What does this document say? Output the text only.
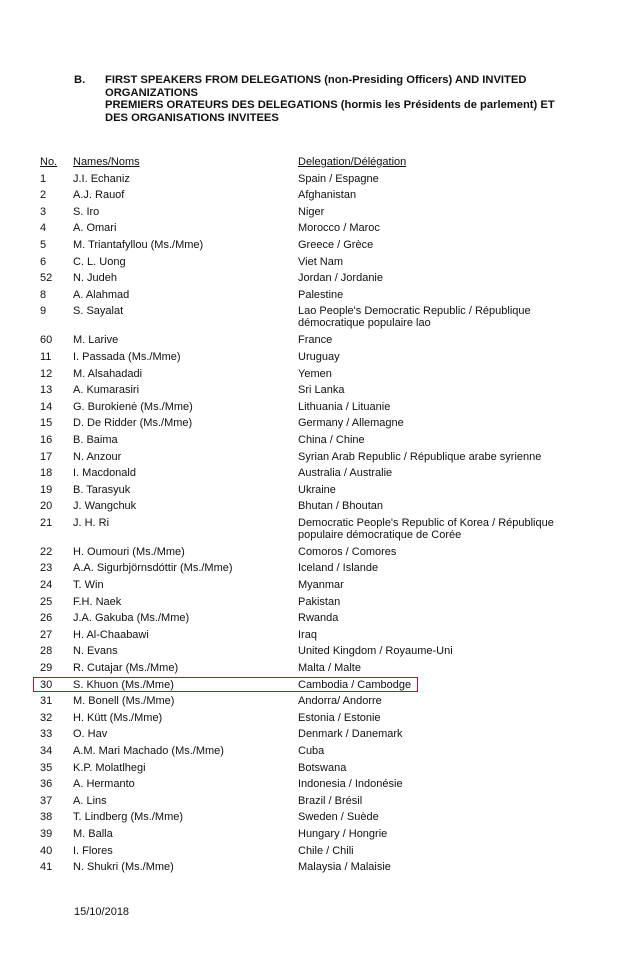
B. FIRST SPEAKERS FROM DELEGATIONS (non-Presiding Officers) AND INVITED
ORGANIZATIONS
PREMIERS ORATEURS DES DELEGATIONS (hormis les Présidents de parlement) ET
DES ORGANISATIONS INVITEES
No.	Names/Noms	Delegation/Délégation
1	J.I. Echaniz	Spain / Espagne
2	A.J. Rauof	Afghanistan
3	S. Iro	Niger
4	A. Omari	Morocco / Maroc
5	M. Triantafyllou (Ms./Mme)	Greece / Grèce
6	C. L. Uong	Viet Nam
52	N. Judeh	Jordan / Jordanie
8	A. Alahmad	Palestine
9	S. Sayalat	Lao People's Democratic Republic / République démocratique populaire lao
60	M. Larive	France
11	I. Passada (Ms./Mme)	Uruguay
12	M. Alsahadadi	Yemen
13	A. Kumarasiri	Sri Lanka
14	G. Burokienė (Ms./Mme)	Lithuania / Lituanie
15	D. De Ridder (Ms./Mme)	Germany / Allemagne
16	B. Baima	China / Chine
17	N. Anzour	Syrian Arab Republic / République arabe syrienne
18	I. Macdonald	Australia / Australie
19	B. Tarasyuk	Ukraine
20	J. Wangchuk	Bhutan / Bhoutan
21	J. H. Ri	Democratic People's Republic of Korea / République populaire démocratique de Corée
22	H. Oumouri (Ms./Mme)	Comoros / Comores
23	A.A. Sigurbjörnsdóttir (Ms./Mme)	Iceland / Islande
24	T. Win	Myanmar
25	F.H. Naek	Pakistan
26	J.A. Gakuba (Ms./Mme)	Rwanda
27	H. Al-Chaabawi	Iraq
28	N. Evans	United Kingdom / Royaume-Uni
29	R. Cutajar (Ms./Mme)	Malta / Malte
30	S. Khuon (Ms./Mme)	Cambodia / Cambodge
31	M. Bonell (Ms./Mme)	Andorra/ Andorre
32	H. Kütt (Ms./Mme)	Estonia / Estonie
33	O. Hav	Denmark / Danemark
34	A.M. Mari Machado (Ms./Mme)	Cuba
35	K.P. Molatlhegi	Botswana
36	A. Hermanto	Indonesia / Indonésie
37	A. Lins	Brazil / Brésil
38	T. Lindberg (Ms./Mme)	Sweden / Suède
39	M. Balla	Hungary / Hongrie
40	I. Flores	Chile / Chili
41	N. Shukri (Ms./Mme)	Malaysia / Malaisie
15/10/2018
